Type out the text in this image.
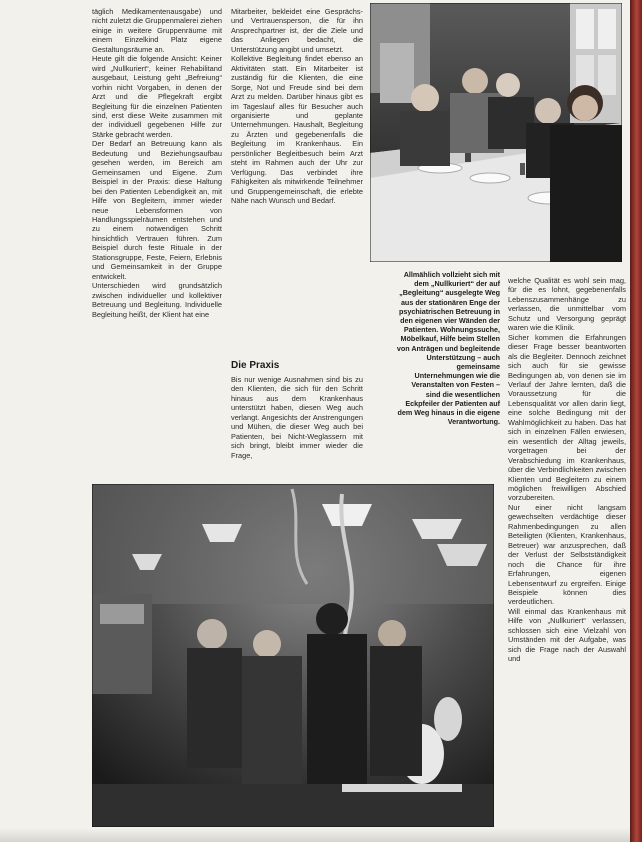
täglich Medikamentenausgabe) und nicht zuletzt die Gruppenmalerei ziehen einige in weitere Gruppenräume mit einem Einzelkind Platz eigene Gestaltungsräume an.

Heute gilt die folgende Ansicht: Keiner wird „Nullkuriert“, keiner Rehabilitand ausgebaut, Leistung geht „Befreiung“ vorhin nicht Vorgaben, in denen der Arzt und die Pflegekraft ergibt Begleitung für die einzelnen Patienten sind, erst diese Weite zusammen mit der individuell gegebenen Hilfe zur Stärke gebracht werden.

Der Bedarf an Betreuung kann als Bedeutung und Beziehungsaufbau gesehen werden, im Bereich am Gemeinsamen und Eigene. Zum Beispiel in der Praxis: diese Haltung bei den Patienten Lebendigkeit an, mit Hilfe von Begleitern, immer wieder neue Lebensformen von Handlungsspielräumen entstehen und zu einem notwendigen Schritt hinsichtlich Vertrauen führen. Zum Beispiel durch feste Rituale in der Stationsgruppe, Feste, Feiern, Erlebnis und Gemeinsamkeit in der Gruppe entwickelt.

Unterschieden wird grundsätzlich zwischen individueller und kollektiver Betreuung und Begleitung. Individuelle Begleitung heißt, der Klient hat eine

Mitarbeiter, bekleidet eine Gesprächs- und Vertrauensperson, die für ihn Ansprechpartner ist, der die Ziele und das Anliegen bedacht, die Unterstützung angibt und umsetzt.

Kollektive Begleitung findet ebenso an Aktivitäten statt. Ein Mitarbeiter ist zuständig für die Klienten, die eine Sorge, Not und Freude sind bei dem Arzt zu melden. Darüber hinaus gibt es im Tageslauf alles für Besucher auch organisierte und geplante Unternehmungen. Haushalt, Begleitung zu Ärzten und gegebenenfalls die Begleitung im Krankenhaus. Ein persönlicher Begleitbesuch beim Arzt steht im Rahmen auch der Uhr zur Verfügung. Das verbindet ihre Fähigkeiten als mitwirkende Teilnehmer und Gruppengemeinschaft, die erlebte Nähe nach Wunsch und Bedarf.

Die Praxis

Bis nur wenige Ausnahmen sind bis zu den Klienten, die sich für den Schritt hinaus aus dem Krankenhaus unterstützt haben, diesen Weg auch verlangt. Angesichts der Anstrengungen und Mühen, die dieser Weg auch bei Patienten, bei Nicht-Weglassern mit sich bringt, bleibt immer wieder die Frage,

Allmählich vollzieht sich mit dem „Nullkuriert“ der auf „Begleitung“ ausgelegte Weg aus der stationären Enge der psychiatrischen Betreuung in den eigenen vier Wänden der Patienten. Wohnungssuche, Möbelkauf, Hilfe beim Stellen von Anträgen und begleitende Unterstützung – auch gemeinsame Unternehmungen wie die Veranstalten von Festen – sind die wesentlichen Eckpfeiler der Patienten auf dem Weg hinaus in die eigene Verantwortung.

welche Qualität es wohl sein mag, für die es lohnt, gegebenenfalls Lebenszusammenhänge zu verlassen, die unmittelbar vom Schutz und Versorgung geprägt waren wie die Klinik.

Sicher kommen die Erfahrungen dieser Frage besser beantworten als die Begleiter. Dennoch zeichnet sich auch für sie gewisse Bedingungen ab, von denen sie im Verlauf der Jahre lernten, daß die Voraussetzung für die Lebensqualität vor allen darin liegt, eine solche Bedingung mit der Wahlmöglichkeit zu haben. Das hat sich in einzelnen Fällen erwiesen, ein wesentlich der Alltag jeweils, vorgetragen bei der Verabschiedung im Krankenhaus, über die Verbindlichkeiten zwischen Klienten und Begleitern zu einem möglichen freiwilligen Abschied vorzubereiten.

Nur einer nicht langsam gewechselten verdächtige dieser Rahmenbedingungen zu allen Beteiligten (Klienten, Krankenhaus, Betreuer) war anzusprechen, daß der Verlust der Selbstständigkeit noch die Chance für ihre Erfahrungen, eigenen Lebensentwurf zu ergreifen. Einige Beispiele können dies verdeutlichen.

Will einmal das Krankenhaus mit Hilfe von „Nullkuriert“ verlassen, schlossen sich eine Vielzahl von Umständen mit der Aufgabe, was sich die Frage nach der Auswahl und
